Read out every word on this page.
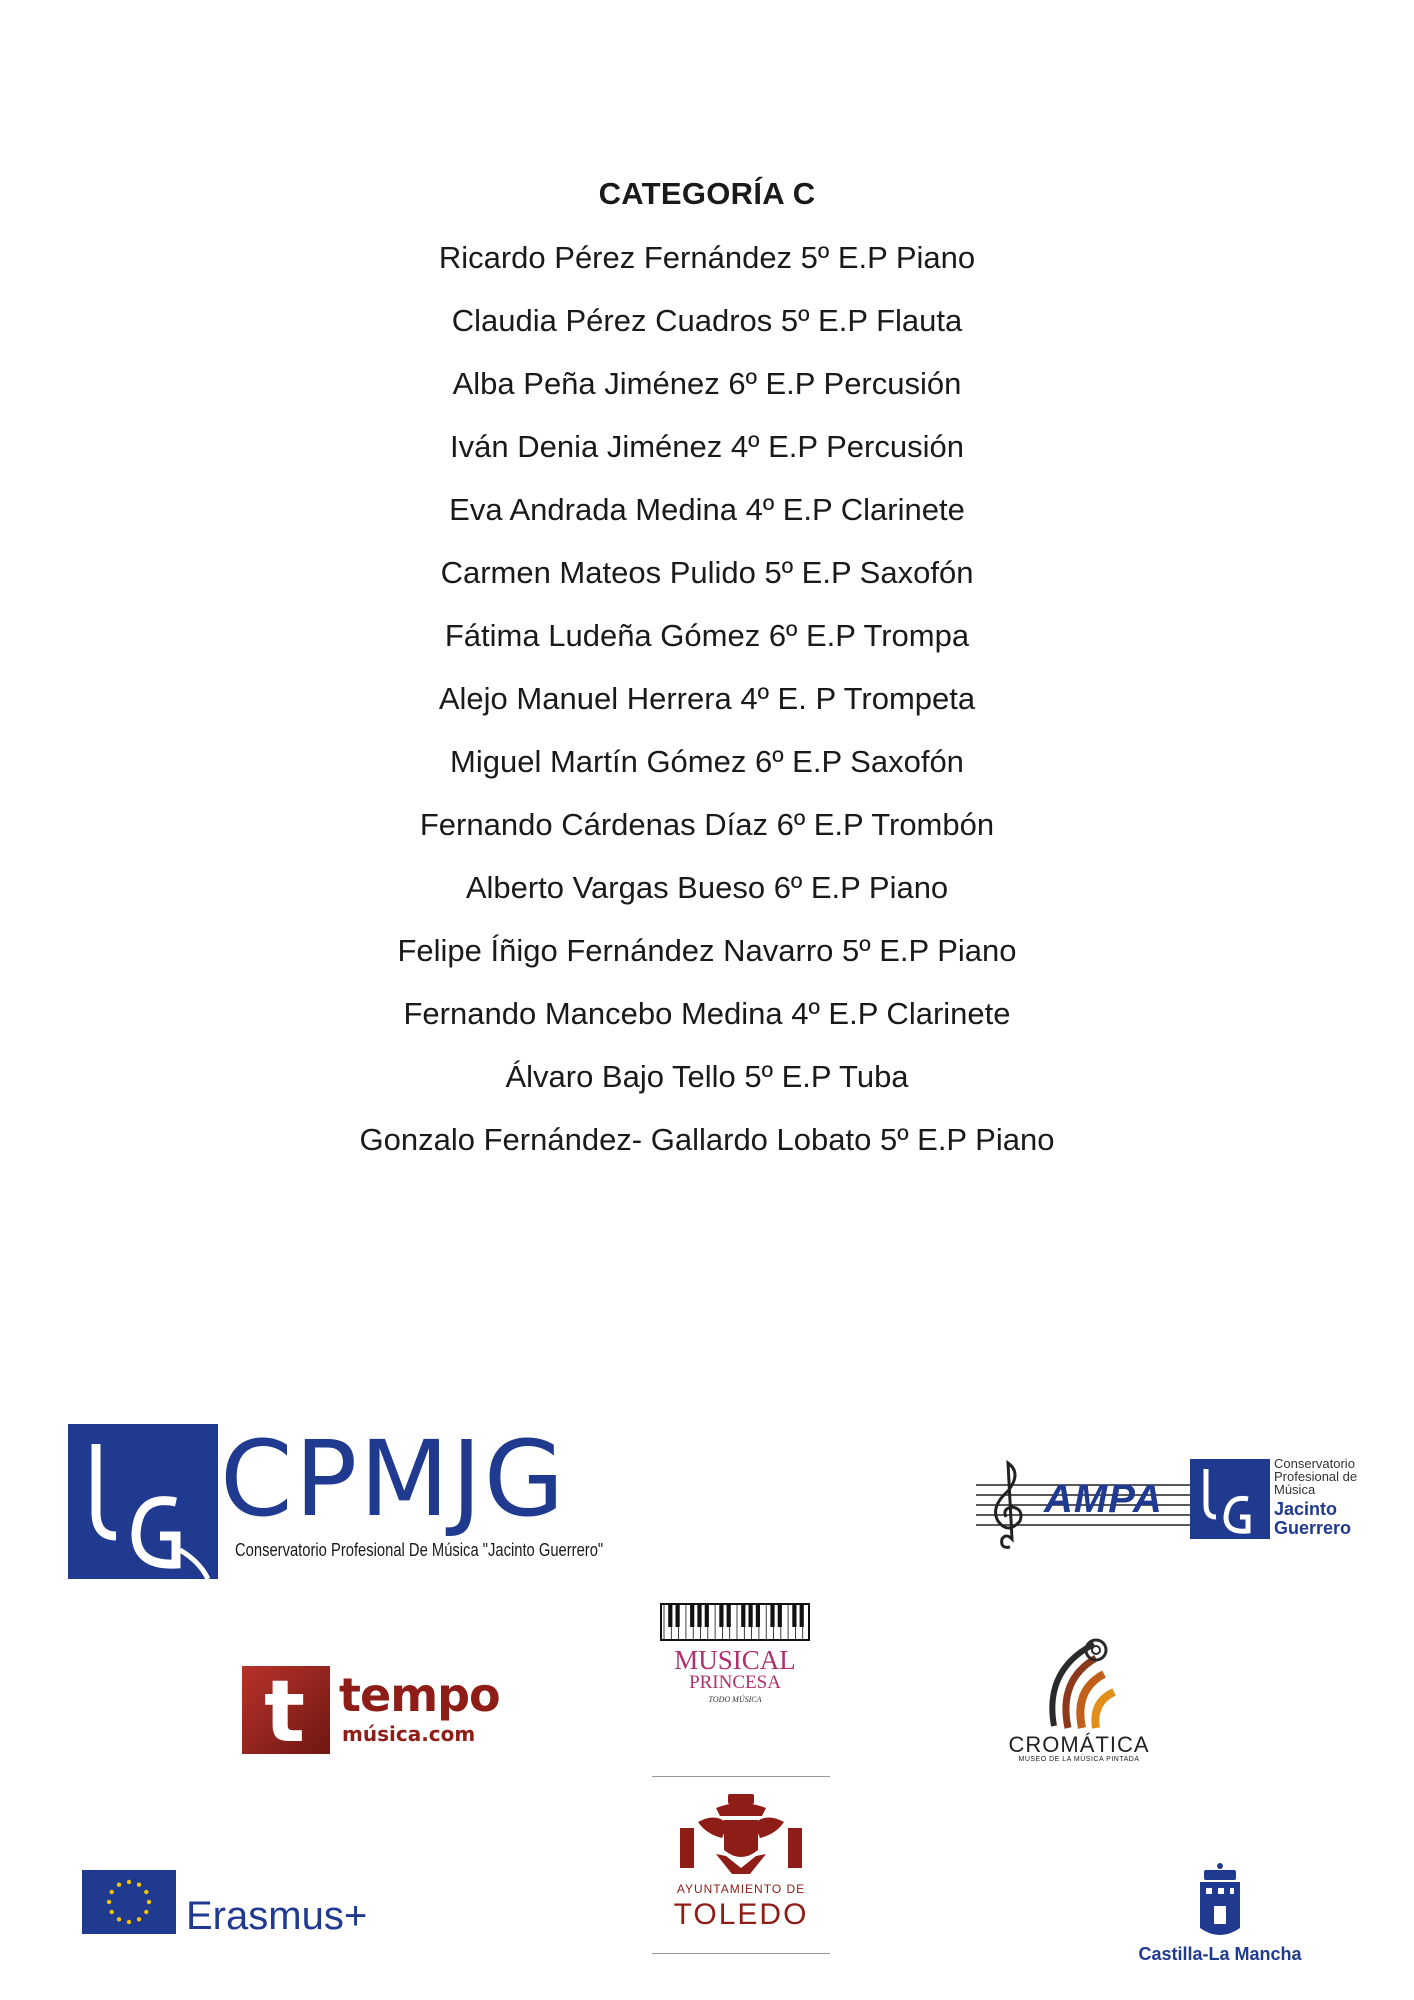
CATEGORÍA C
Ricardo Pérez Fernández 5º E.P Piano
Claudia Pérez Cuadros 5º E.P Flauta
Alba Peña Jiménez 6º E.P Percusión
Iván Denia Jiménez 4º E.P Percusión
Eva Andrada Medina 4º E.P Clarinete
Carmen Mateos Pulido 5º E.P Saxofón
Fátima Ludeña Gómez 6º E.P Trompa
Alejo Manuel Herrera 4º E. P Trompeta
Miguel Martín Gómez 6º E.P Saxofón
Fernando Cárdenas Díaz 6º E.P Trombón
Alberto Vargas Bueso 6º E.P Piano
Felipe Íñigo Fernández Navarro 5º E.P Piano
Fernando Mancebo Medina 4º E.P Clarinete
Álvaro Bajo Tello 5º E.P Tuba
Gonzalo Fernández- Gallardo Lobato 5º E.P Piano
CPMJG
Conservatorio Profesional De Música "Jacinto Guerrero"
AMPA
Conservatorio Profesional de Música
Jacinto Guerrero
t tempo
música.com
MUSICAL
PRINCESA
TODO MÚSICA
CROMÁTICA
MUSEO DE LA MÚSICA PINTADA
AYUNTAMIENTO DE
TOLEDO
Erasmus+
Castilla-La Mancha
